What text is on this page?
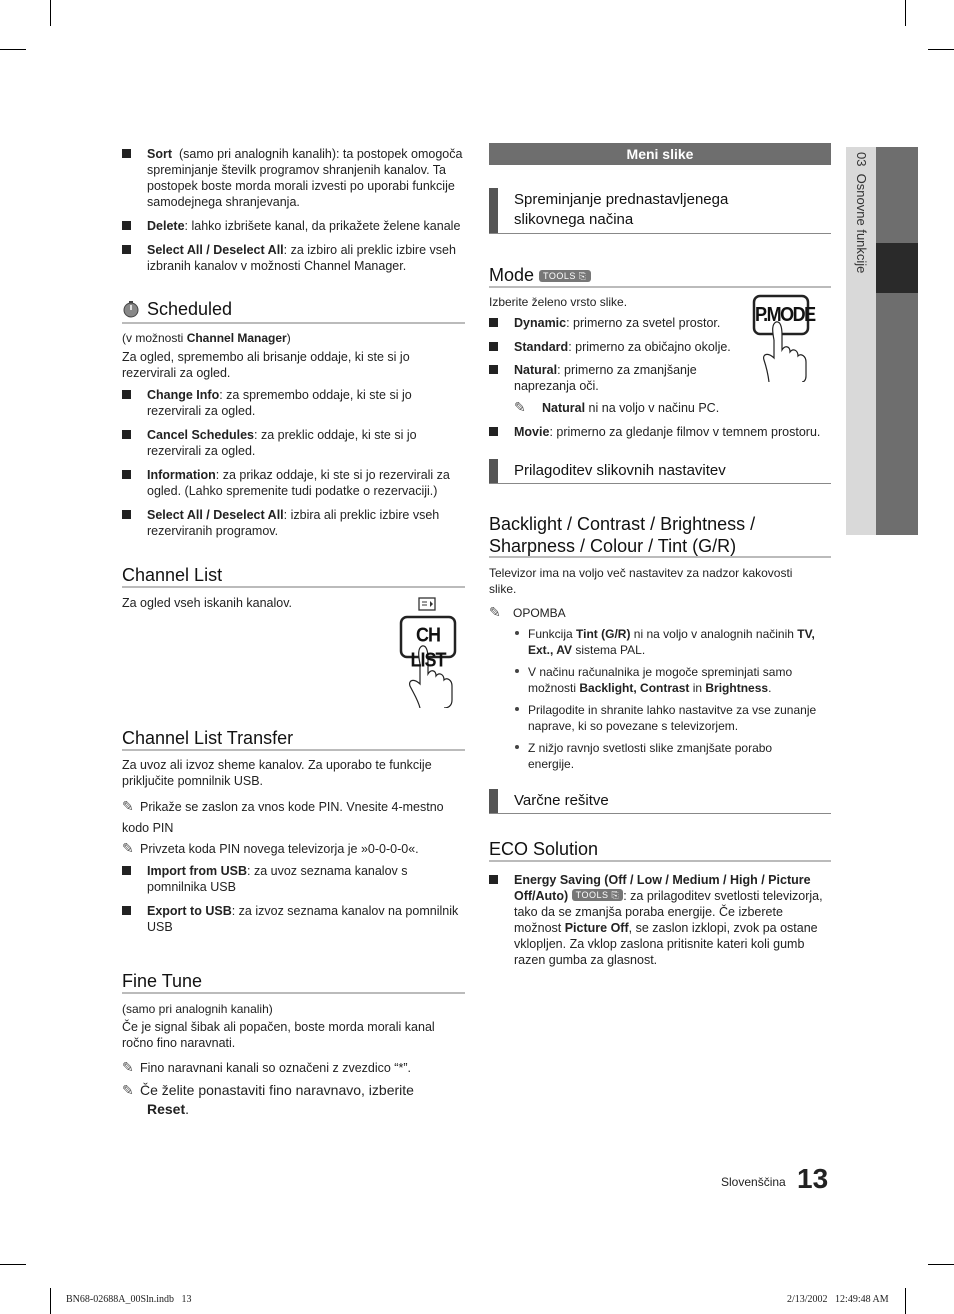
Sort (samo pri analognih kanalih): ta postopek omogoča spreminjanje številk programov shranjenih kanalov. Ta postopek boste morda morali izvesti po uporabi funkcije samodejnega shranjevanja.
Delete: lahko izbrišete kanal, da prikažete želene kanale
Select All / Deselect All: za izbiro ali preklic izbire vseh izbranih kanalov v možnosti Channel Manager.
Scheduled
(v možnosti Channel Manager)
Za ogled, spremembo ali brisanje oddaje, ki ste si jo rezervirali za ogled.
Change Info: za spremembo oddaje, ki ste si jo rezervirali za ogled.
Cancel Schedules: za preklic oddaje, ki ste si jo rezervirali za ogled.
Information: za prikaz oddaje, ki ste si jo rezervirali za ogled. (Lahko spremenite tudi podatke o rezervaciji.)
Select All / Deselect All: izbira ali preklic izbire vseh rezerviranih programov.
Channel List
Za ogled vseh iskanih kanalov.
CH LIST
Channel List Transfer
Za uvoz ali izvoz sheme kanalov. Za uporabo te funkcije priključite pomnilnik USB.
✎ Prikaže se zaslon za vnos kode PIN. Vnesite 4-mestno kodo PIN
✎ Privzeta koda PIN novega televizorja je »0-0-0-0«.
Import from USB: za uvoz seznama kanalov s pomnilnika USB
Export to USB: za izvoz seznama kanalov na pomnilnik USB
Fine Tune
(samo pri analognih kanalih)
Če je signal šibak ali popačen, boste morda morali kanal ročno fino naravnati.
✎ Fino naravnani kanali so označeni z zvezdico “*”.
✎ Če želite ponastaviti fino naravnavo, izberite
Reset.
Meni slike
Spreminjanje prednastavljenega slikovnega načina
Mode TOOLS ⎘
Izberite želeno vrsto slike.
P.MODE
Dynamic: primerno za svetel prostor.
Standard: primerno za običajno okolje.
Natural: primerno za zmanjšanje naprezanja oči.
✎ Natural ni na voljo v načinu PC.
Movie: primerno za gledanje filmov v temnem prostoru.
Prilagoditev slikovnih nastavitev
Backlight / Contrast / Brightness /
Sharpness / Colour / Tint (G/R)
Televizor ima na voljo več nastavitev za nadzor kakovosti slike.
✎ OPOMBA
Funkcija Tint (G/R) ni na voljo v analognih načinih TV, Ext., AV sistema PAL.
V načinu računalnika je mogoče spreminjati samo možnosti Backlight, Contrast in Brightness.
Prilagodite in shranite lahko nastavitve za vse zunanje naprave, ki so povezane s televizorjem.
Z nižjo ravnjo svetlosti slike zmanjšate porabo energije.
Varčne rešitve
ECO Solution
Energy Saving (Off / Low / Medium / High / Picture Off/Auto) TOOLS ⎘ : za prilagoditev svetlosti televizorja, tako da se zmanjša poraba energije. Če izberete možnost Picture Off, se zaslon izklopi, zvok pa ostane vklopljen. Za vklop zaslona pritisnite kateri koli gumb razen gumba za glasnost.
03  Osnovne funkcije
Slovenščina 13
BN68-02688A_00Sln.indb   13	2/13/2002   12:49:48 AM
